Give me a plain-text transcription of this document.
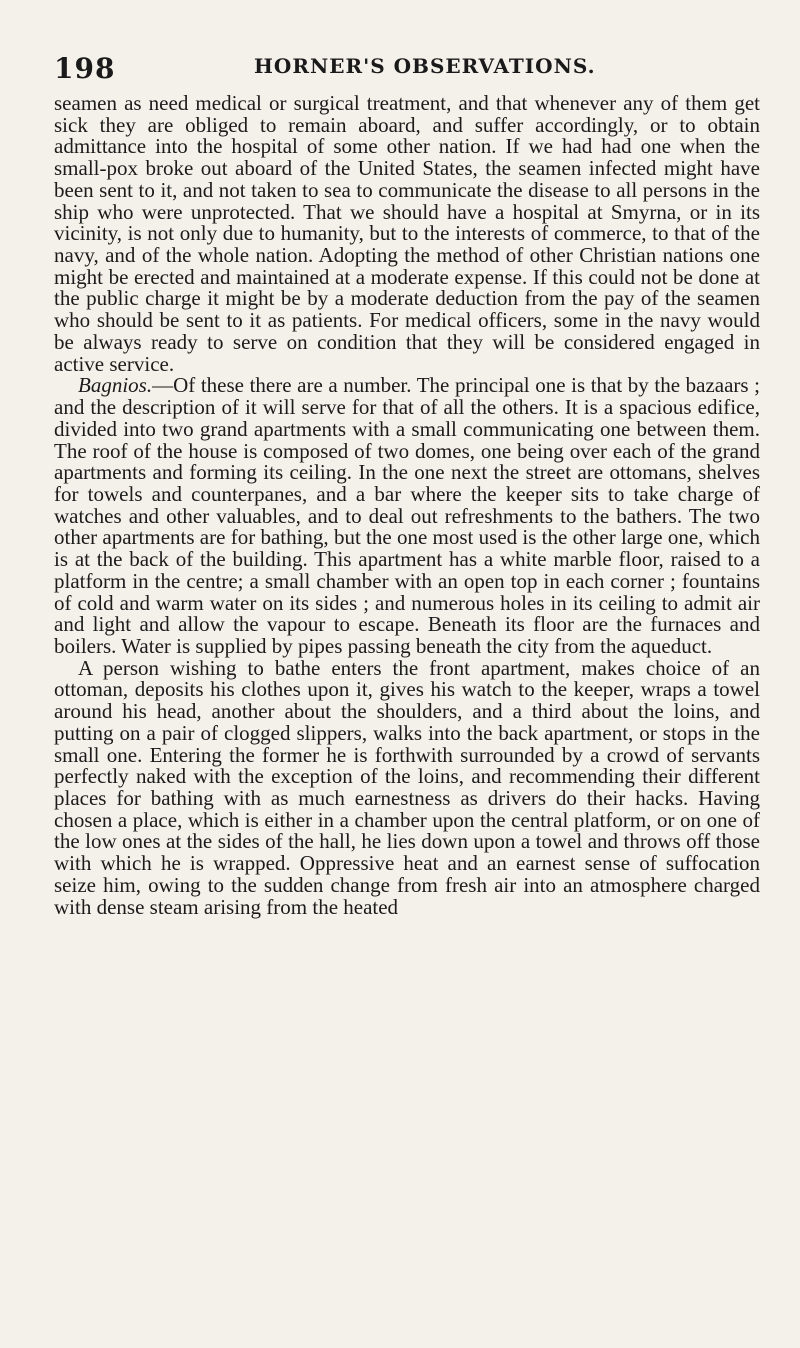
198	HORNER'S OBSERVATIONS.

seamen as need medical or surgical treatment, and that whenever any of them get sick they are obliged to remain aboard, and suffer accordingly, or to obtain admittance into the hospital of some other nation. If we had had one when the small-pox broke out aboard of the United States, the seamen infected might have been sent to it, and not taken to sea to communicate the disease to all persons in the ship who were unprotected. That we should have a hospital at Smyrna, or in its vicinity, is not only due to humanity, but to the interests of commerce, to that of the navy, and of the whole nation. Adopting the method of other Christian nations one might be erected and maintained at a moderate expense. If this could not be done at the public charge it might be by a moderate deduction from the pay of the seamen who should be sent to it as patients. For medical officers, some in the navy would be always ready to serve on condition that they will be considered engaged in active service.

Bagnios.—Of these there are a number. The principal one is that by the bazaars ; and the description of it will serve for that of all the others. It is a spacious edifice, divided into two grand apartments with a small communicating one between them. The roof of the house is composed of two domes, one being over each of the grand apartments and forming its ceiling. In the one next the street are ottomans, shelves for towels and counterpanes, and a bar where the keeper sits to take charge of watches and other valuables, and to deal out refreshments to the bathers. The two other apartments are for bathing, but the one most used is the other large one, which is at the back of the building. This apartment has a white marble floor, raised to a platform in the centre; a small chamber with an open top in each corner ; fountains of cold and warm water on its sides ; and numerous holes in its ceiling to admit air and light and allow the vapour to escape. Beneath its floor are the furnaces and boilers. Water is supplied by pipes passing beneath the city from the aqueduct.

A person wishing to bathe enters the front apartment, makes choice of an ottoman, deposits his clothes upon it, gives his watch to the keeper, wraps a towel around his head, another about the shoulders, and a third about the loins, and putting on a pair of clogged slippers, walks into the back apartment, or stops in the small one. Entering the former he is forthwith surrounded by a crowd of servants perfectly naked with the exception of the loins, and recommending their different places for bathing with as much earnestness as drivers do their hacks. Having chosen a place, which is either in a chamber upon the central platform, or on one of the low ones at the sides of the hall, he lies down upon a towel and throws off those with which he is wrapped. Oppressive heat and an earnest sense of suffocation seize him, owing to the sudden change from fresh air into an atmosphere charged with dense steam arising from the heated
